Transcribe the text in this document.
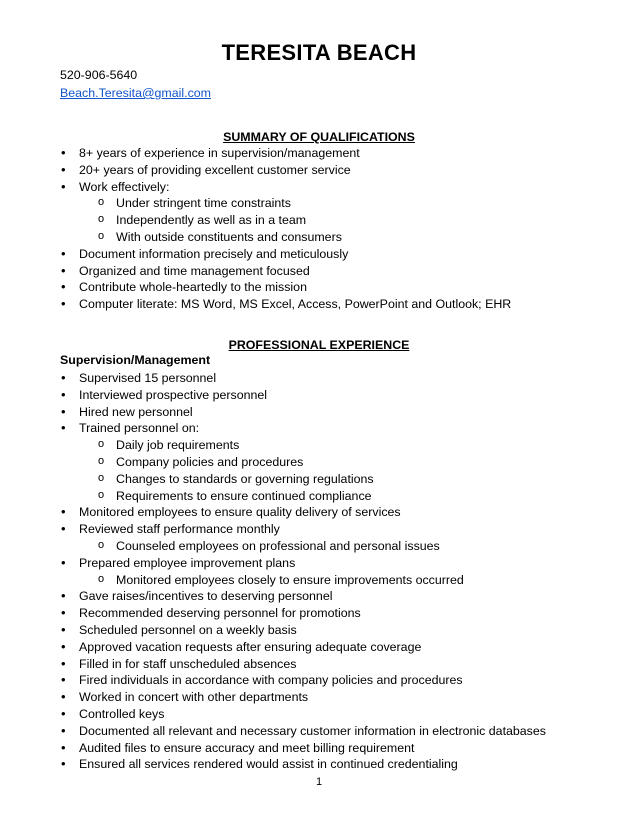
TERESITA BEACH
520-906-5640
Beach.Teresita@gmail.com
SUMMARY OF QUALIFICATIONS
• 8+ years of experience in supervision/management
• 20+ years of providing excellent customer service
• Work effectively:
o Under stringent time constraints
o Independently as well as in a team
o With outside constituents and consumers
• Document information precisely and meticulously
• Organized and time management focused
• Contribute whole-heartedly to the mission
• Computer literate: MS Word, MS Excel, Access, PowerPoint and Outlook; EHR
PROFESSIONAL EXPERIENCE
Supervision/Management
• Supervised 15 personnel
• Interviewed prospective personnel
• Hired new personnel
• Trained personnel on:
o Daily job requirements
o Company policies and procedures
o Changes to standards or governing regulations
o Requirements to ensure continued compliance
• Monitored employees to ensure quality delivery of services
• Reviewed staff performance monthly
o Counseled employees on professional and personal issues
• Prepared employee improvement plans
o Monitored employees closely to ensure improvements occurred
• Gave raises/incentives to deserving personnel
• Recommended deserving personnel for promotions
• Scheduled personnel on a weekly basis
• Approved vacation requests after ensuring adequate coverage
• Filled in for staff unscheduled absences
• Fired individuals in accordance with company policies and procedures
• Worked in concert with other departments
• Controlled keys
• Documented all relevant and necessary customer information in electronic databases
• Audited files to ensure accuracy and meet billing requirement
• Ensured all services rendered would assist in continued credentialing
1
